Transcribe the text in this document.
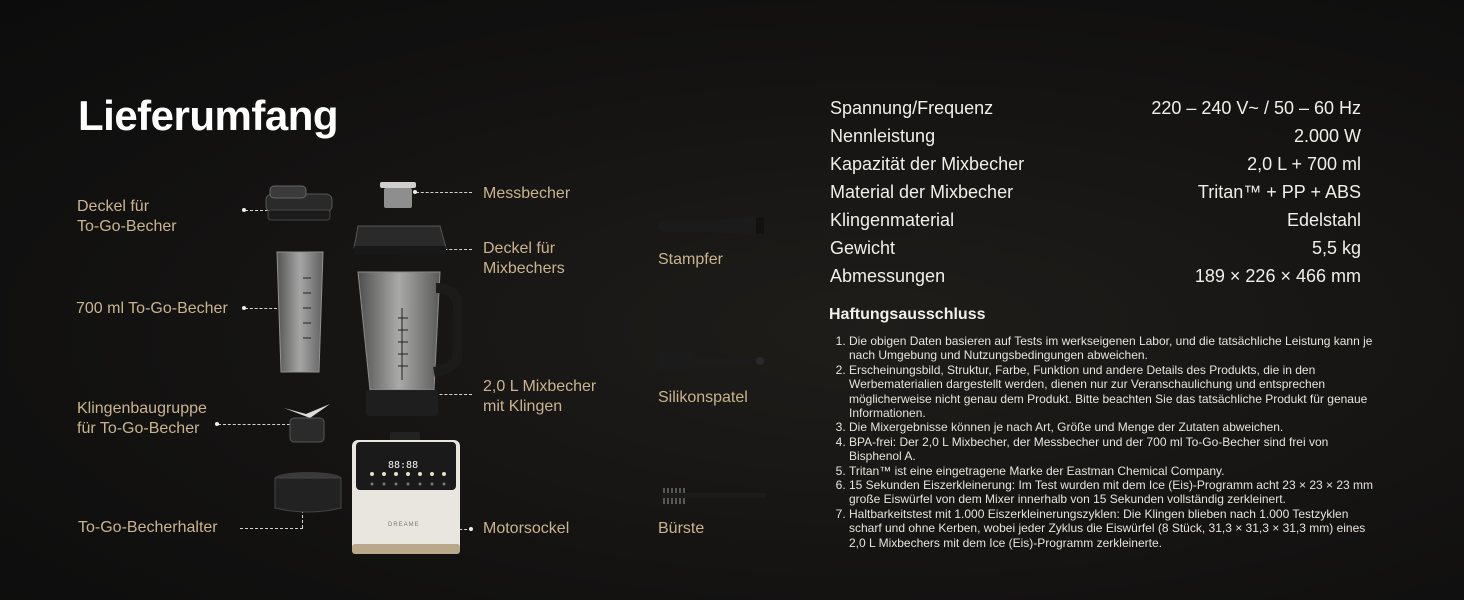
Lieferumfang
Deckel für
To-Go-Becher
700 ml To-Go-Becher
Klingenbaugruppe
für To-Go-Becher
To-Go-Becherhalter
Messbecher
Deckel für
Mixbechers
2,0 L Mixbecher
mit Klingen
Motorsockel
Stampfer
Silikonspatel
Bürste
88:88
DREAME
Spannung/Frequenz	220 – 240 V~ / 50 – 60 Hz
Nennleistung	2.000 W
Kapazität der Mixbecher	2,0 L + 700 ml
Material der Mixbecher	Tritan™ + PP + ABS
Klingenmaterial	Edelstahl
Gewicht	5,5 kg
Abmessungen	189 × 226 × 466 mm
Haftungsausschluss
1. Die obigen Daten basieren auf Tests im werkseigenen Labor, und die tatsächliche Leistung kann je nach Umgebung und Nutzungsbedingungen abweichen.
2. Erscheinungsbild, Struktur, Farbe, Funktion und andere Details des Produkts, die in den Werbematerialien dargestellt werden, dienen nur zur Veranschaulichung und entsprechen möglicherweise nicht genau dem Produkt. Bitte beachten Sie das tatsächliche Produkt für genaue Informationen.
3. Die Mixergebnisse können je nach Art, Größe und Menge der Zutaten abweichen.
4. BPA-frei: Der 2,0 L Mixbecher, der Messbecher und der 700 ml To-Go-Becher sind frei von Bisphenol A.
5. Tritan™ ist eine eingetragene Marke der Eastman Chemical Company.
6. 15 Sekunden Eiszerkleinerung: Im Test wurden mit dem Ice (Eis)-Programm acht 23 × 23 × 23 mm große Eiswürfel von dem Mixer innerhalb von 15 Sekunden vollständig zerkleinert.
7. Haltbarkeitstest mit 1.000 Eiszerkleinerungszyklen: Die Klingen blieben nach 1.000 Testzyklen scharf und ohne Kerben, wobei jeder Zyklus die Eiswürfel (8 Stück, 31,3 × 31,3 × 31,3 mm) eines 2,0 L Mixbechers mit dem Ice (Eis)-Programm zerkleinerte.
